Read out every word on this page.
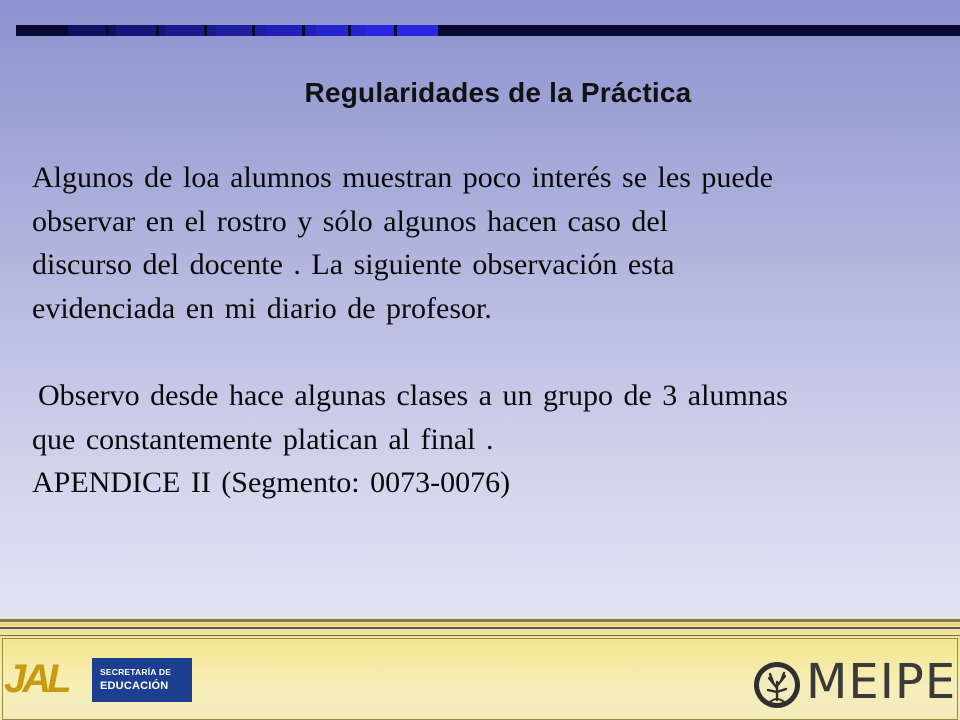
Regularidades de la Práctica

Algunos de loa alumnos muestran poco interés se les puede

observar en el rostro y sólo algunos hacen caso del

discurso del docente . La siguiente observación esta

evidenciada en mi diario de profesor.

Observo desde hace algunas clases a un grupo de 3 alumnas

que constantemente platican al final .

APENDICE II (Segmento: 0073-0076)

JAL	SECRETARÍA DE
EDUCACIÓN	MEIPE
